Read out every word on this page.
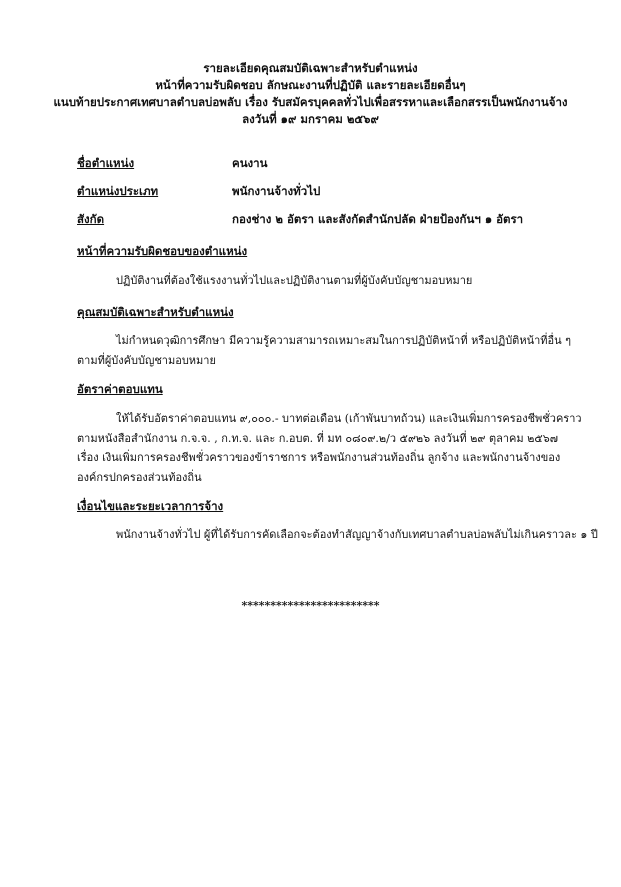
รายละเอียดคุณสมบัติเฉพาะสำหรับตำแหน่ง
หน้าที่ความรับผิดชอบ ลักษณะงานที่ปฏิบัติ และรายละเอียดอื่นๆ
แนบท้ายประกาศเทศบาลตำบลบ่อพลับ เรื่อง รับสมัครบุคคลทั่วไปเพื่อสรรหาและเลือกสรรเป็นพนักงานจ้าง
ลงวันที่ ๑๙ มกราคม ๒๕๖๙
ชื่อตำแหน่ง	คนงาน
ตำแหน่งประเภท	พนักงานจ้างทั่วไป
สังกัด	กองช่าง ๒ อัตรา และสังกัดสำนักปลัด ฝ่ายป้องกันฯ ๑ อัตรา
หน้าที่ความรับผิดชอบของตำแหน่ง
ปฏิบัติงานที่ต้องใช้แรงงานทั่วไปและปฏิบัติงานตามที่ผู้บังคับบัญชามอบหมาย
คุณสมบัติเฉพาะสำหรับตำแหน่ง
ไม่กำหนดวุฒิการศึกษา มีความรู้ความสามารถเหมาะสมในการปฏิบัติหน้าที่ หรือปฏิบัติหน้าที่อื่น ๆ
ตามที่ผู้บังคับบัญชามอบหมาย
อัตราค่าตอบแทน
ให้ได้รับอัตราค่าตอบแทน ๙,๐๐๐.- บาทต่อเดือน (เก้าพันบาทถ้วน) และเงินเพิ่มการครองชีพชั่วคราว
ตามหนังสือสำนักงาน ก.จ.จ. , ก.ท.จ. และ ก.อบต. ที่ มท ๐๘๐๙.๒/ว ๕๙๒๖ ลงวันที่ ๒๙ ตุลาคม ๒๕๖๗
เรื่อง เงินเพิ่มการครองชีพชั่วคราวของข้าราชการ หรือพนักงานส่วนท้องถิ่น ลูกจ้าง และพนักงานจ้างของ
องค์กรปกครองส่วนท้องถิ่น
เงื่อนไขและระยะเวลาการจ้าง
พนักงานจ้างทั่วไป ผู้ที่ได้รับการคัดเลือกจะต้องทำสัญญาจ้างกับเทศบาลตำบลบ่อพลับไม่เกินคราวละ ๑ ปี
************************
